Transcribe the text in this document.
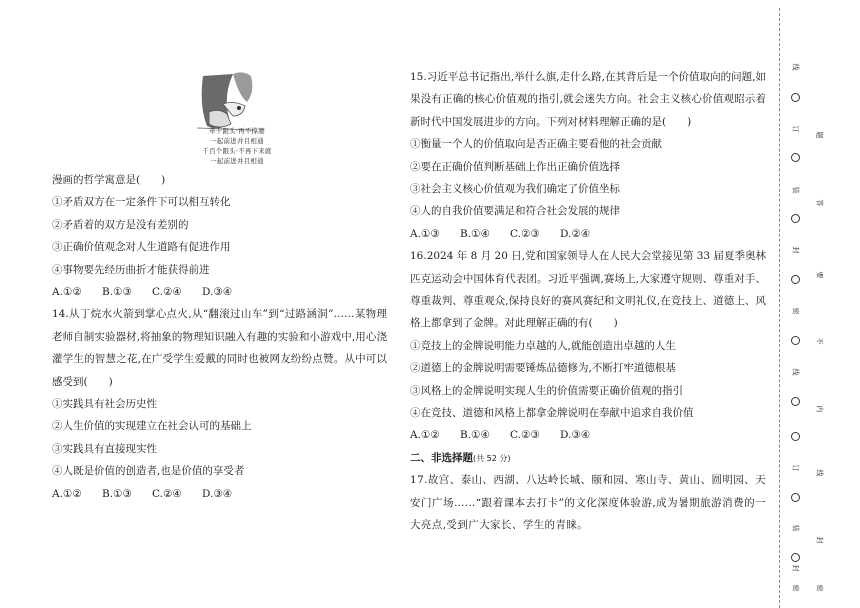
牵十跟头·再不撑腰
一起前进并且相通
千百个跟头·不再下来就
一起前进并且相通
漫画的哲学寓意是(　　)
①矛盾双方在一定条件下可以相互转化
②矛盾着的双方是没有差别的
③正确价值观念对人生道路有促进作用
④事物要先经历曲折才能获得前进
A.①②	B.①③	C.②④	D.③④
14.从丁烷水火箭到掌心点火,从“翻滚过山车”到“过路涵洞”……某物理老师自制实验器材,将抽象的物理知识融入有趣的实验和小游戏中,用心浇灌学生的智慧之花,在广受学生爱戴的同时也被网友纷纷点赞。从中可以感受到(　　)
①实践具有社会历史性
②人生价值的实现建立在社会认可的基础上
③实践具有直接现实性
④人既是价值的创造者,也是价值的享受者
A.①②	B.①③	C.②④	D.③④
15.习近平总书记指出,举什么旗,走什么路,在其背后是一个价值取向的问题,如果没有正确的核心价值观的指引,就会迷失方向。社会主义核心价值观昭示着新时代中国发展进步的方向。下列对材料理解正确的是(　　)
①衡量一个人的价值取向是否正确主要看他的社会贡献
②要在正确价值判断基础上作出正确价值选择
③社会主义核心价值观为我们确定了价值坐标
④人的自我价值要满足和符合社会发展的规律
A.①③	B.①④	C.②③	D.②④
16.2024 年 8 月 20 日,党和国家领导人在人民大会堂接见第 33 届夏季奥林匹克运动会中国体育代表团。习近平强调,赛场上,大家遵守规则、尊重对手、尊重裁判、尊重观众,保持良好的赛风赛纪和文明礼仪,在竞技上、道德上、风格上都拿到了金牌。对此理解正确的有(　　)
①竞技上的金牌说明能力卓越的人,就能创造出卓越的人生
②道德上的金牌说明需要锤炼品德修为,不断打牢道德根基
③风格上的金牌说明实现人生的价值需要正确价值观的指引
④在竞技、道德和风格上都拿金牌说明在奉献中追求自我价值
A.①②	B.①④	C.②③	D.③④
二、非选择题(共 52 分)
17.故宫、泰山、西湖、八达岭长城、颐和园、寒山寺、黄山、圆明园、天安门广场……“跟着课本去打卡”的文化深度体验游,成为暑期旅游消费的一大亮点,受到广大家长、学生的青睐。
线
订
装
封
密
线
订
装
封
密
题
答
要
不
内
线
封
密
